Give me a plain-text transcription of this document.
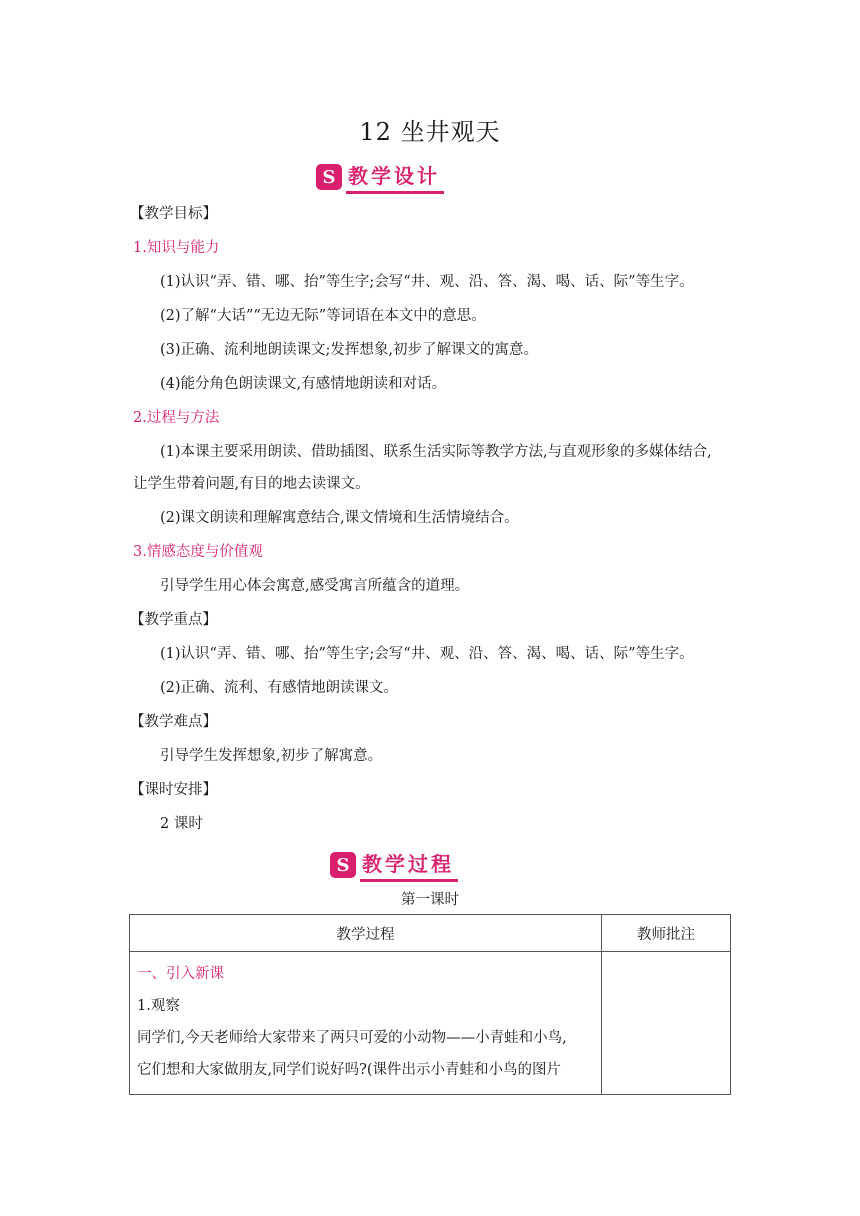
12 坐井观天
S 教学设计
【教学目标】
1.知识与能力
(1)认识“弄、错、哪、抬”等生字;会写“井、观、沿、答、渴、喝、话、际”等生字。
(2)了解“大话”“无边无际”等词语在本文中的意思。
(3)正确、流利地朗读课文;发挥想象,初步了解课文的寓意。
(4)能分角色朗读课文,有感情地朗读和对话。
2.过程与方法
(1)本课主要采用朗读、借助插图、联系生活实际等教学方法,与直观形象的多媒体结合,
让学生带着问题,有目的地去读课文。
(2)课文朗读和理解寓意结合,课文情境和生活情境结合。
3.情感态度与价值观
引导学生用心体会寓意,感受寓言所蕴含的道理。
【教学重点】
(1)认识“弄、错、哪、抬”等生字;会写“井、观、沿、答、渴、喝、话、际”等生字。
(2)正确、流利、有感情地朗读课文。
【教学难点】
引导学生发挥想象,初步了解寓意。
【课时安排】
2 课时
S 教学过程
第一课时
教学过程	教师批注

一、引入新课
1.观察
同学们,今天老师给大家带来了两只可爱的小动物——小青蛙和小鸟,
它们想和大家做朋友,同学们说好吗?(课件出示小青蛙和小鸟的图片	
